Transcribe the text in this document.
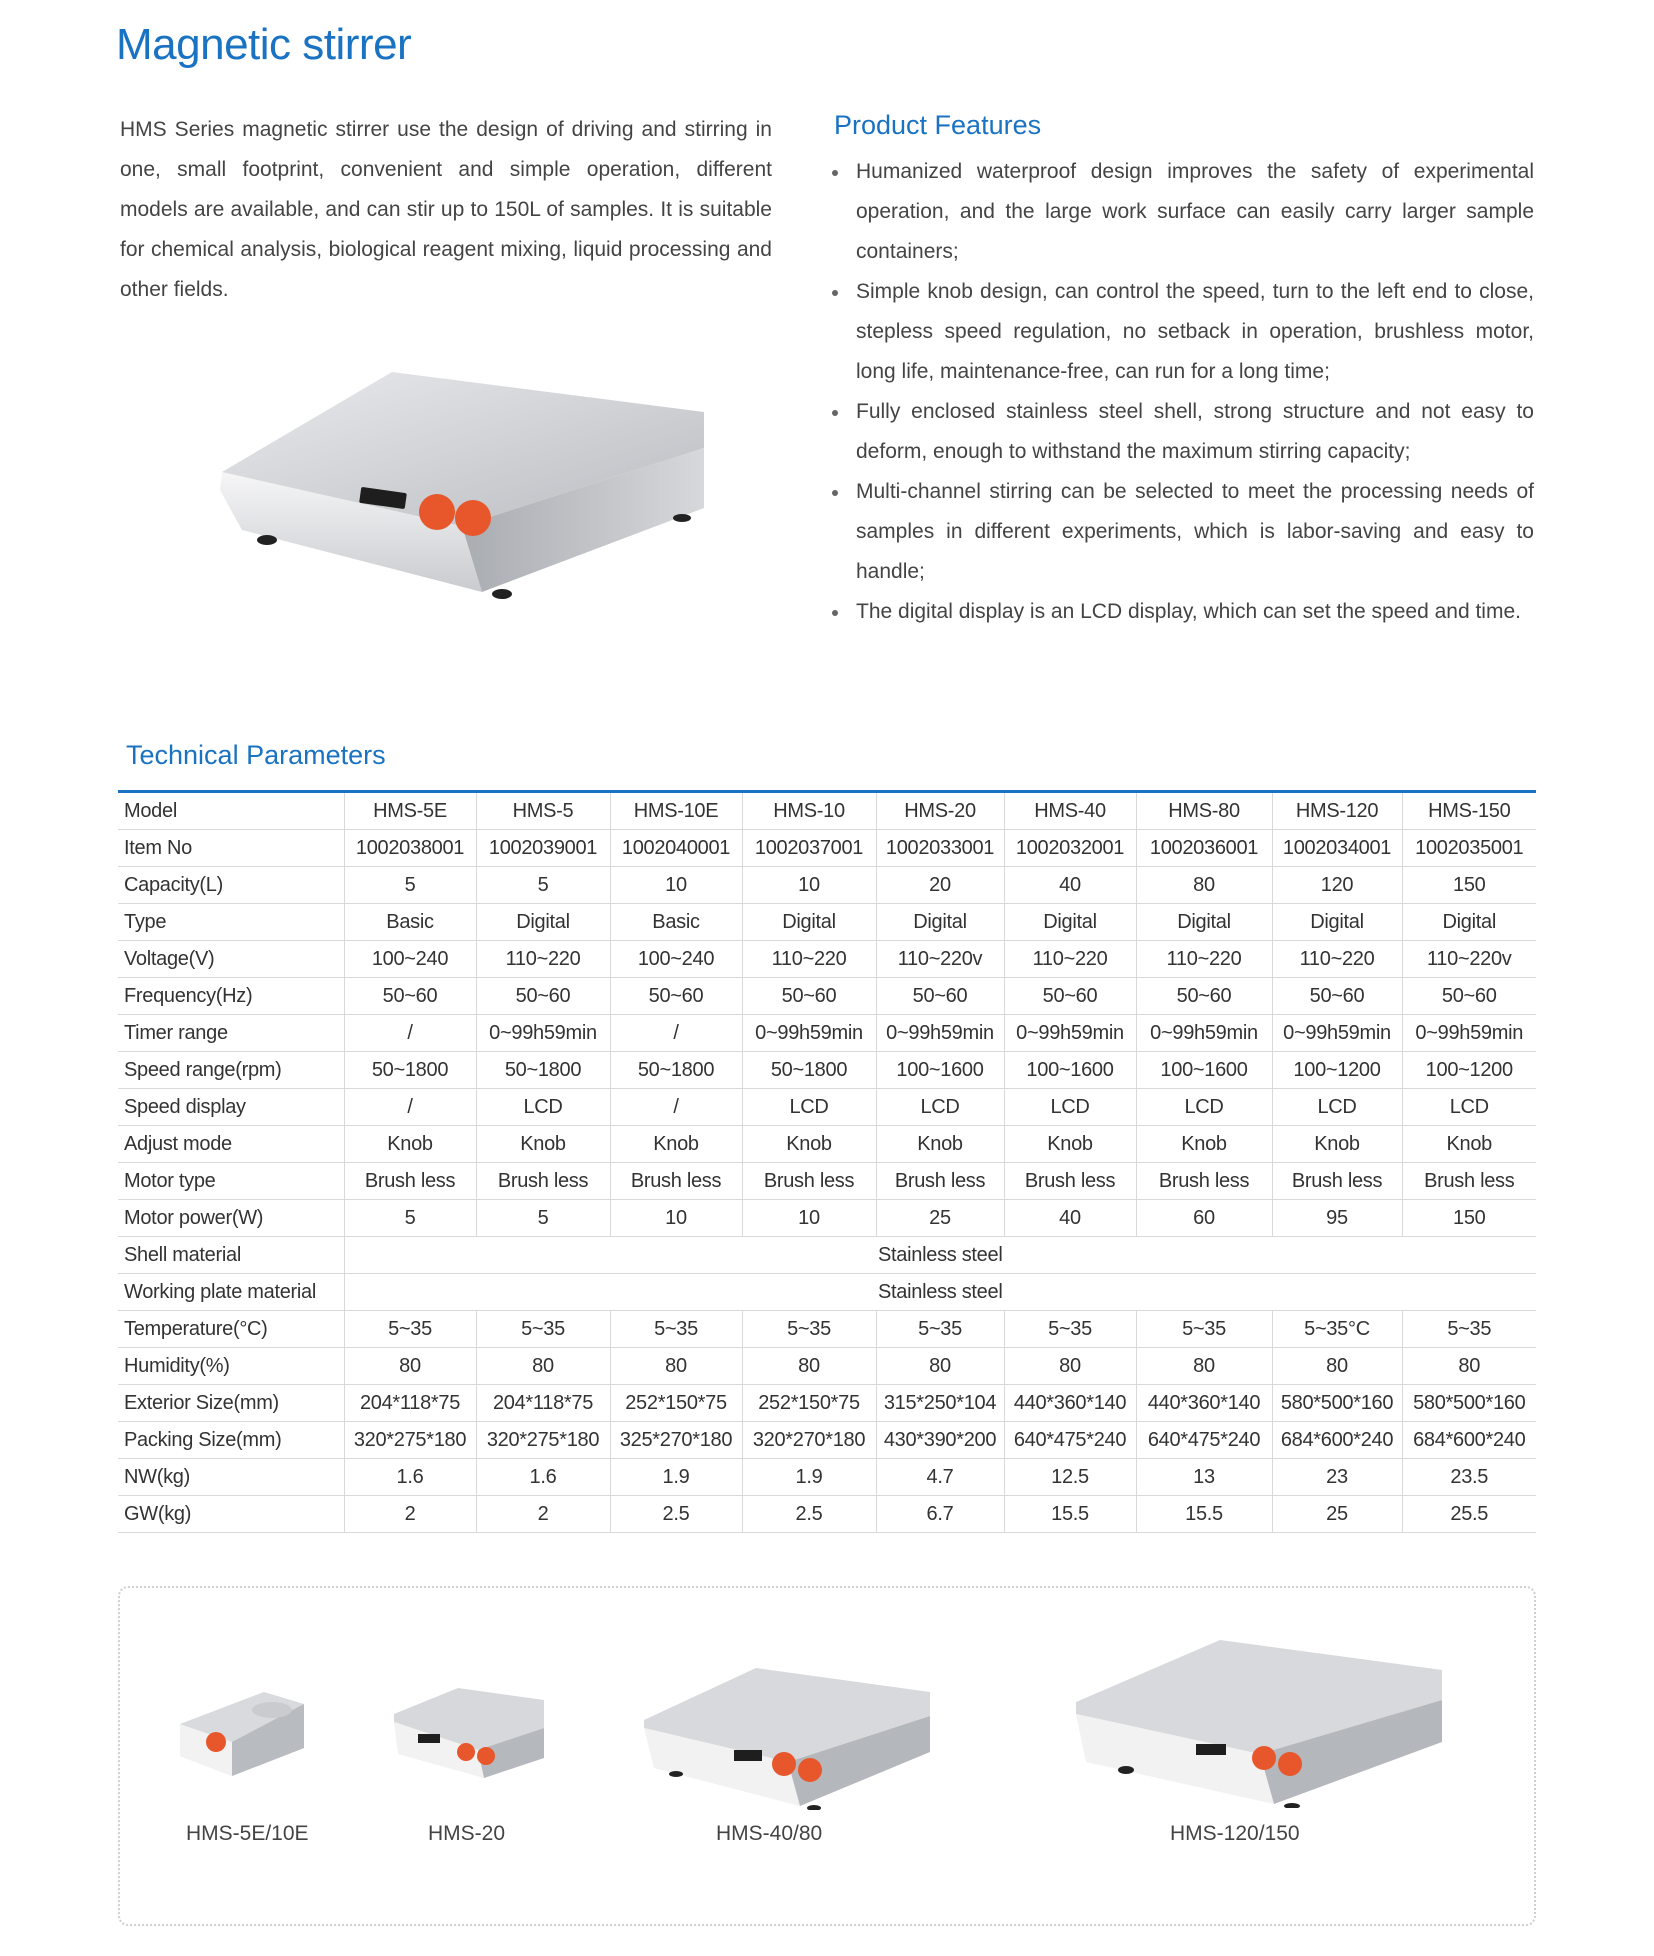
Magnetic stirrer

HMS Series magnetic stirrer use the design of driving and stirring in one, small footprint, convenient and simple operation, different models are available, and can stir up to 150L of samples. It is suitable for chemical analysis, biological reagent mixing, liquid processing and other fields.

Product Features
Humanized waterproof design improves the safety of experimental operation, and the large work surface can easily carry larger sample containers;
Simple knob design, can control the speed, turn to the left end to close, stepless speed regulation, no setback in operation, brushless motor, long life, maintenance-free, can run for a long time;
Fully enclosed stainless steel shell, strong structure and not easy to deform, enough to withstand the maximum stirring capacity;
Multi-channel stirring can be selected to meet the processing needs of samples in different experiments, which is labor-saving and easy to handle;
The digital display is an LCD display, which can set the speed and time.
Technical Parameters
Model	HMS-5E	HMS-5	HMS-10E	HMS-10	HMS-20	HMS-40	HMS-80	HMS-120	HMS-150
Item No	1002038001	1002039001	1002040001	1002037001	1002033001	1002032001	1002036001	1002034001	1002035001
Capacity(L)	5	5	10	10	20	40	80	120	150
Type	Basic	Digital	Basic	Digital	Digital	Digital	Digital	Digital	Digital
Voltage(V)	100~240	110~220	100~240	110~220	110~220v	110~220	110~220	110~220	110~220v
Frequency(Hz)	50~60	50~60	50~60	50~60	50~60	50~60	50~60	50~60	50~60
Timer range	/	0~99h59min	/	0~99h59min	0~99h59min	0~99h59min	0~99h59min	0~99h59min	0~99h59min
Speed range(rpm)	50~1800	50~1800	50~1800	50~1800	100~1600	100~1600	100~1600	100~1200	100~1200
Speed display	/	LCD	/	LCD	LCD	LCD	LCD	LCD	LCD
Adjust mode	Knob	Knob	Knob	Knob	Knob	Knob	Knob	Knob	Knob
Motor type	Brush less	Brush less	Brush less	Brush less	Brush less	Brush less	Brush less	Brush less	Brush less
Motor power(W)	5	5	10	10	25	40	60	95	150
Shell material	Stainless steel								
Working plate material	Stainless steel								
Temperature(°C)	5~35	5~35	5~35	5~35	5~35	5~35	5~35	5~35°C	5~35
Humidity(%)	80	80	80	80	80	80	80	80	80
Exterior Size(mm)	204*118*75	204*118*75	252*150*75	252*150*75	315*250*104	440*360*140	440*360*140	580*500*160	580*500*160
Packing Size(mm)	320*275*180	320*275*180	325*270*180	320*270*180	430*390*200	640*475*240	640*475*240	684*600*240	684*600*240
NW(kg)	1.6	1.6	1.9	1.9	4.7	12.5	13	23	23.5
GW(kg)	2	2	2.5	2.5	6.7	15.5	15.5	25	25.5
HMS-5E/10E	HMS-20	HMS-40/80	HMS-120/150
